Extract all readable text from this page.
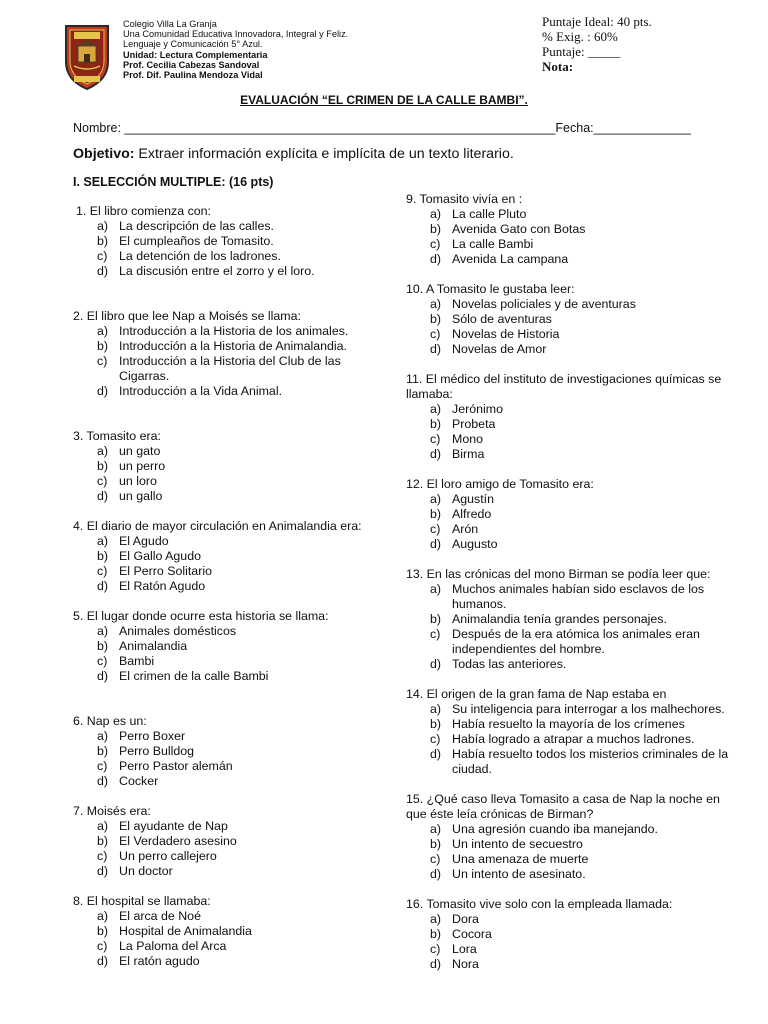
Colegio Villa La Granja
Una Comunidad Educativa Innovadora, Integral y Feliz.
Lenguaje y Comunicación 5° Azul.
Unidad: Lectura Complementaria
Prof. Cecilia Cabezas Sandoval
Prof. Dif. Paulina Mendoza Vidal
Puntaje Ideal: 40 pts.
% Exig. : 60%
Puntaje: _____
Nota:
EVALUACIÓN “EL CRIMEN DE LA CALLE BAMBI”.
Nombre: ______________________________________________________________Fecha:______________
Objetivo: Extraer información explícita e implícita de un texto literario.
I. SELECCIÓN MULTIPLE: (16 pts)
1. El libro comienza con:
a) La descripción de las calles.
b) El cumpleaños de Tomasito.
c) La detención de los ladrones.
d) La discusión entre el zorro y el loro.
2. El libro que lee Nap a Moisés se llama:
a) Introducción a la Historia de los animales.
b) Introducción a la Historia de Animalandia.
c) Introducción a la Historia del Club de las Cigarras.
d) Introducción a la Vida Animal.
3. Tomasito era:
a) un gato
b) un perro
c) un loro
d) un gallo
4. El diario de mayor circulación en Animalandia era:
a) El Agudo
b) El Gallo Agudo
c) El Perro Solitario
d) El Ratón Agudo
5. El lugar donde ocurre esta historia se llama:
a) Animales domésticos
b) Animalandia
c) Bambi
d) El crimen de la calle Bambi
6. Nap es un:
a) Perro Boxer
b) Perro Bulldog
c) Perro Pastor alemán
d) Cocker
7. Moisés era:
a) El ayudante de Nap
b) El Verdadero asesino
c) Un perro callejero
d) Un doctor
8. El hospital se llamaba:
a) El arca de Noé
b) Hospital de Animalandia
c) La Paloma del Arca
d) El ratón agudo
9. Tomasito vivía en :
a) La calle Pluto
b) Avenida Gato con Botas
c) La calle Bambi
d) Avenida La campana
10. A Tomasito le gustaba leer:
a) Novelas policiales y de aventuras
b) Sólo de aventuras
c) Novelas de Historia
d) Novelas de Amor
11. El médico del instituto de investigaciones químicas se llamaba:
a) Jerónimo
b) Probeta
c) Mono
d) Birma
12. El loro amigo de Tomasito era:
a) Agustín
b) Alfredo
c) Arón
d) Augusto
13. En las crónicas del mono Birman se podía leer que:
a) Muchos animales habían sido esclavos de los humanos.
b) Animalandia tenía grandes personajes.
c) Después de la era atómica los animales eran independientes del hombre.
d) Todas las anteriores.
14. El origen de la gran fama de Nap estaba en
a) Su inteligencia para interrogar a los malhechores.
b) Había resuelto la mayoría de los crímenes
c) Había logrado a atrapar a muchos ladrones.
d) Había resuelto todos los misterios criminales de la ciudad.
15. ¿Qué caso lleva Tomasito a casa de Nap la noche en que éste leía crónicas de Birman?
a) Una agresión cuando iba manejando.
b) Un intento de secuestro
c) Una amenaza de muerte
d) Un intento de asesinato.
16. Tomasito vive solo con la empleada llamada:
a) Dora
b) Cocora
c) Lora
d) Nora
